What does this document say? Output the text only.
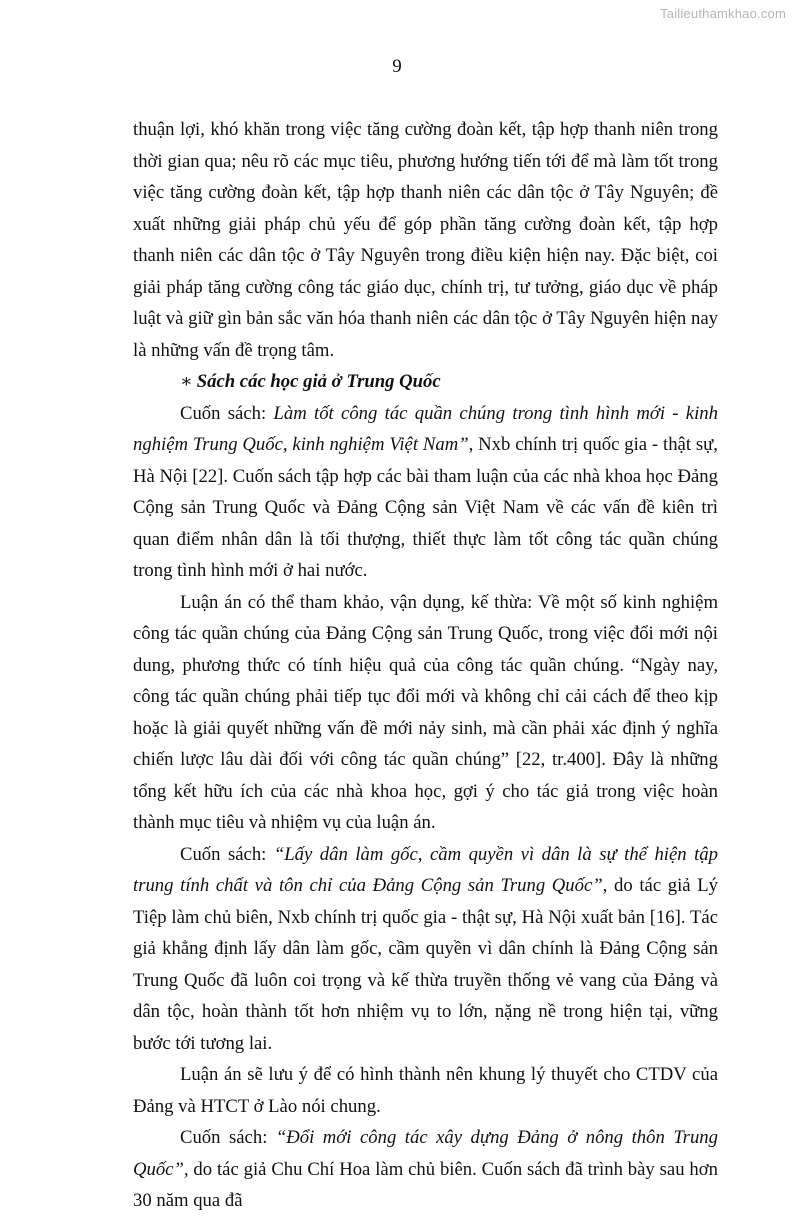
Tailieuthamkhao.com
9

thuận lợi, khó khăn trong việc tăng cường đoàn kết, tập hợp thanh niên trong thời gian qua; nêu rõ các mục tiêu, phương hướng tiến tới để mà làm tốt trong việc tăng cường đoàn kết, tập hợp thanh niên các dân tộc ở Tây Nguyên; đề xuất những giải pháp chủ yếu để góp phần tăng cường đoàn kết, tập hợp thanh niên các dân tộc ở Tây Nguyên trong điều kiện hiện nay. Đặc biệt, coi giải pháp tăng cường công tác giáo dục, chính trị, tư tưởng, giáo dục về pháp luật và giữ gìn bản sắc văn hóa thanh niên các dân tộc ở Tây Nguyên hiện nay là những vấn đề trọng tâm.

∗ Sách các học giả ở Trung Quốc

Cuốn sách: Làm tốt công tác quần chúng trong tình hình mới - kinh nghiệm Trung Quốc, kinh nghiệm Việt Nam”, Nxb chính trị quốc gia - thật sự, Hà Nội [22]. Cuốn sách tập hợp các bài tham luận của các nhà khoa học Đảng Cộng sản Trung Quốc và Đảng Cộng sản Việt Nam về các vấn đề kiên trì quan điểm nhân dân là tối thượng, thiết thực làm tốt công tác quần chúng trong tình hình mới ở hai nước.

Luận án có thể tham khảo, vận dụng, kế thừa: Về một số kinh nghiệm công tác quần chúng của Đảng Cộng sản Trung Quốc, trong việc đổi mới nội dung, phương thức có tính hiệu quả của công tác quần chúng. “Ngày nay, công tác quần chúng phải tiếp tục đổi mới và không chỉ cải cách để theo kịp hoặc là giải quyết những vấn đề mới nảy sinh, mà cần phải xác định ý nghĩa chiến lược lâu dài đối với công tác quần chúng” [22, tr.400]. Đây là những tổng kết hữu ích của các nhà khoa học, gợi ý cho tác giả trong việc hoàn thành mục tiêu và nhiệm vụ của luận án.

Cuốn sách: “Lấy dân làm gốc, cầm quyền vì dân là sự thể hiện tập trung tính chất và tôn chỉ của Đảng Cộng sản Trung Quốc”, do tác giả Lý Tiệp làm chủ biên, Nxb chính trị quốc gia - thật sự, Hà Nội xuất bản [16]. Tác giả khẳng định lấy dân làm gốc, cầm quyền vì dân chính là Đảng Cộng sản Trung Quốc đã luôn coi trọng và kế thừa truyền thống vẻ vang của Đảng và dân tộc, hoàn thành tốt hơn nhiệm vụ to lớn, nặng nề trong hiện tại, vững bước tới tương lai.

Luận án sẽ lưu ý để có hình thành nên khung lý thuyết cho CTDV của Đảng và HTCT ở Lào nói chung.

Cuốn sách: “Đổi mới công tác xây dựng Đảng ở nông thôn Trung Quốc”, do tác giả Chu Chí Hoa làm chủ biên. Cuốn sách đã trình bày sau hơn 30 năm qua đã
